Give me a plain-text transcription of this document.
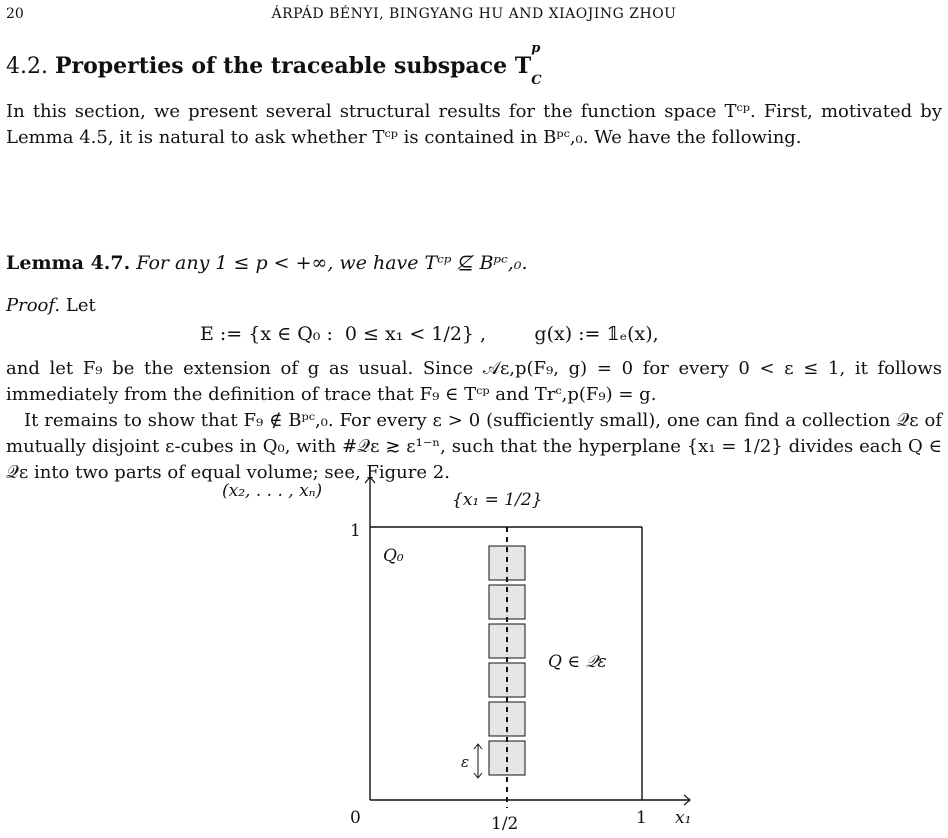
20	ÁRPÁD BÉNYI, BINGYANG HU AND XIAOJING ZHOU
4.2. Properties of the traceable subspace T
p
$_C$
In this section, we present several structural results for the function space Tᶜᵖ. First, motivated by Lemma 4.5, it is natural to ask whether Tᶜᵖ is contained in Bᵖᶜ,₀. We have the following.
Lemma 4.7. For any 1 ≤ p < +∞, we have Tᶜᵖ ⊈ Bᵖᶜ,₀.
Proof. Let
E := {x ∈ Q₀ :  0 ≤ x₁ < 1/2} ,        g(x) := 𝟙ₑ(x),
and let F₉ be the extension of g as usual. Since 𝒜ε,p(F₉, g) = 0 for every 0 < ε ≤ 1, it follows immediately from the definition of trace that F₉ ∈ Tᶜᵖ and Trᶜ,p(F₉) = g.
It remains to show that F₉ ∉ Bᵖᶜ,₀. For every ε > 0 (sufficiently small), one can find a collection 𝒬ε of mutually disjoint ε-cubes in Q₀, with #𝒬ε ≳ ε¹⁻ⁿ, such that the hyperplane {x₁ = 1/2} divides each Q ∈ 𝒬ε into two parts of equal volume; see, Figure 2.
(x₂, . . . , xₙ)	{x₁ = 1/2}
1
Q₀
Q ∈ 𝒬ε
ε
0	1/2	1 x₁
